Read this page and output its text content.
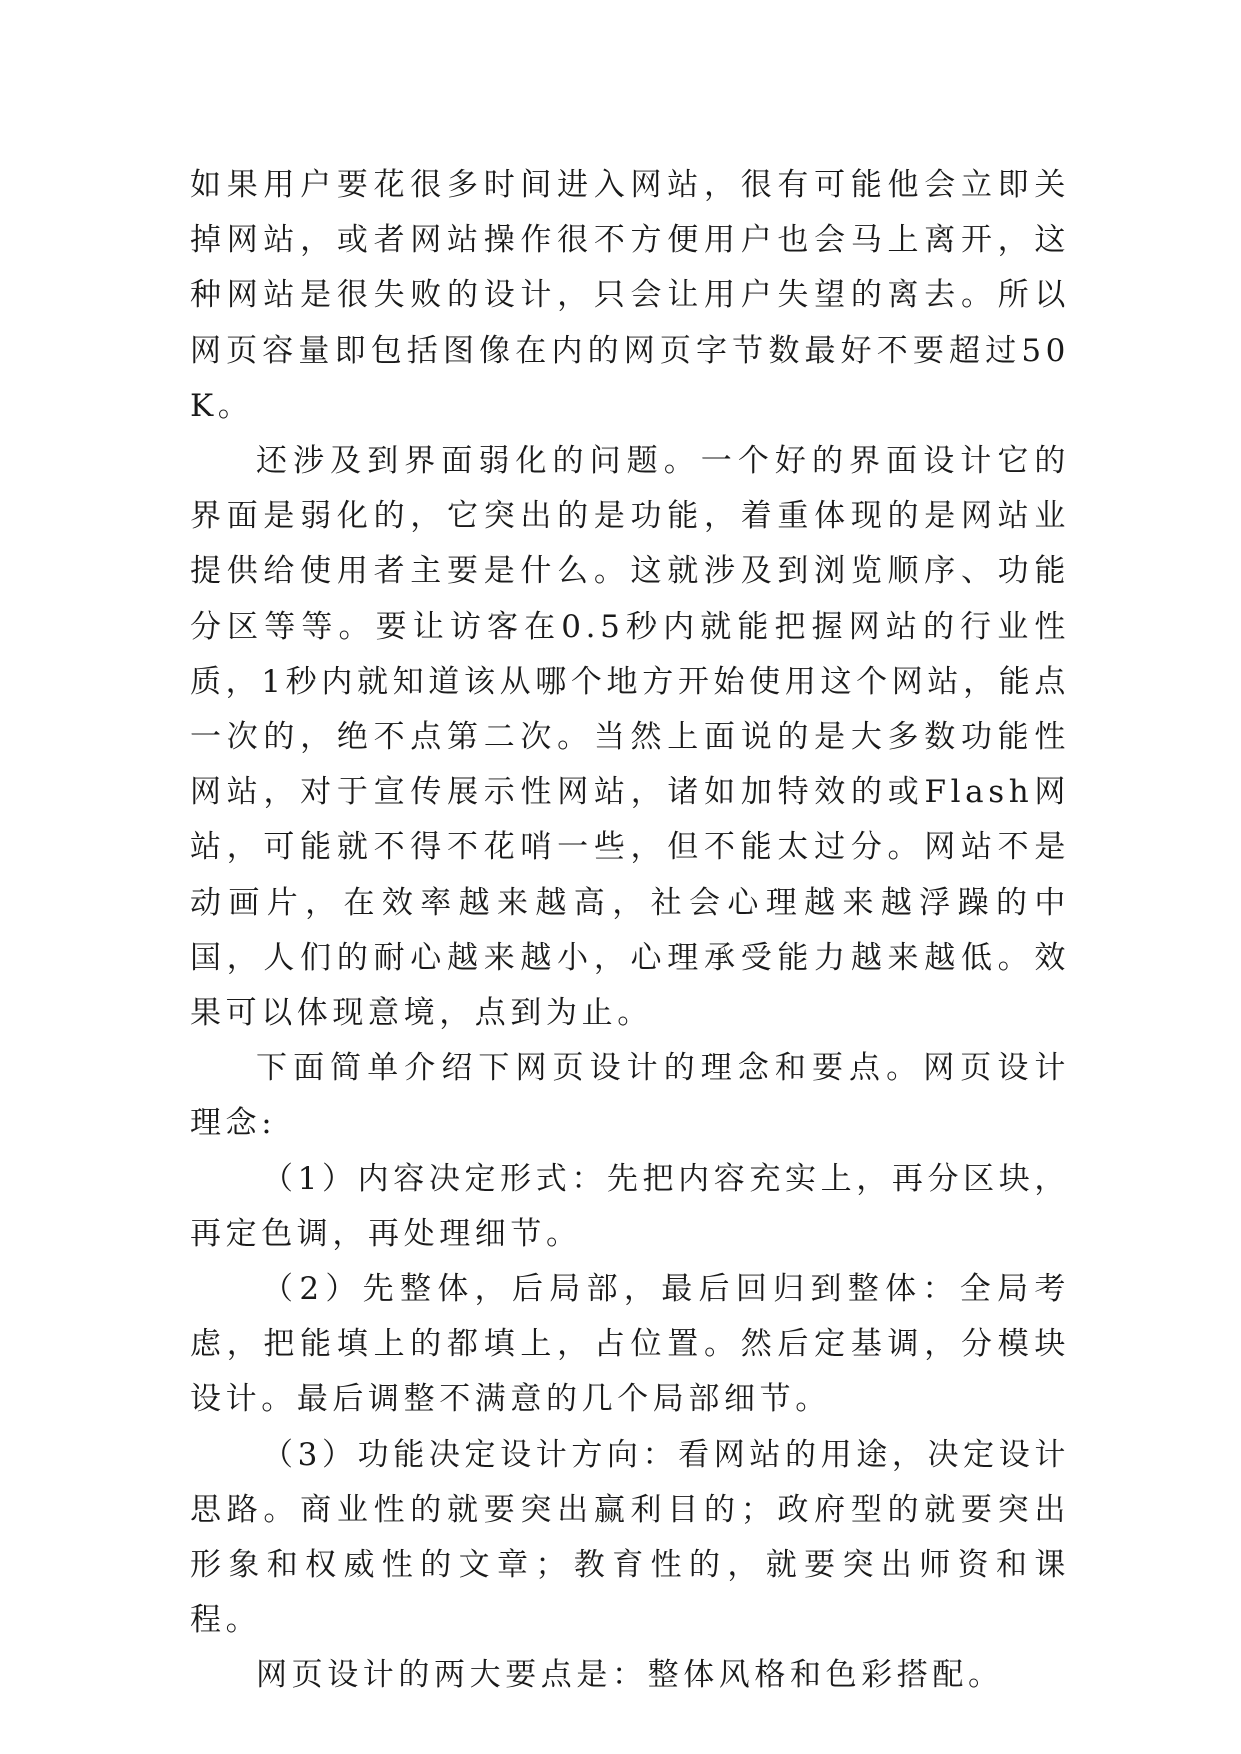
如果用户要花很多时间进入网站，很有可能他会立即关掉网站，或者网站操作很不方便用户也会马上离开，这种网站是很失败的设计，只会让用户失望的离去。所以网页容量即包括图像在内的网页字节数最好不要超过50K。

还涉及到界面弱化的问题。一个好的界面设计它的界面是弱化的，它突出的是功能，着重体现的是网站业提供给使用者主要是什么。这就涉及到浏览顺序、功能分区等等。要让访客在0.5秒内就能把握网站的行业性质，1秒内就知道该从哪个地方开始使用这个网站，能点一次的，绝不点第二次。当然上面说的是大多数功能性网站，对于宣传展示性网站，诸如加特效的或Flash网站，可能就不得不花哨一些，但不能太过分。网站不是动画片，在效率越来越高，社会心理越来越浮躁的中国，人们的耐心越来越小，心理承受能力越来越低。效果可以体现意境，点到为止。

下面简单介绍下网页设计的理念和要点。网页设计理念:

（1）内容决定形式：先把内容充实上，再分区块，再定色调，再处理细节。

（2）先整体，后局部，最后回归到整体：全局考虑，把能填上的都填上，占位置。然后定基调，分模块设计。最后调整不满意的几个局部细节。

（3）功能决定设计方向：看网站的用途，决定设计思路。商业性的就要突出赢利目的；政府型的就要突出形象和权威性的文章；教育性的，就要突出师资和课程。

网页设计的两大要点是：整体风格和色彩搭配。
